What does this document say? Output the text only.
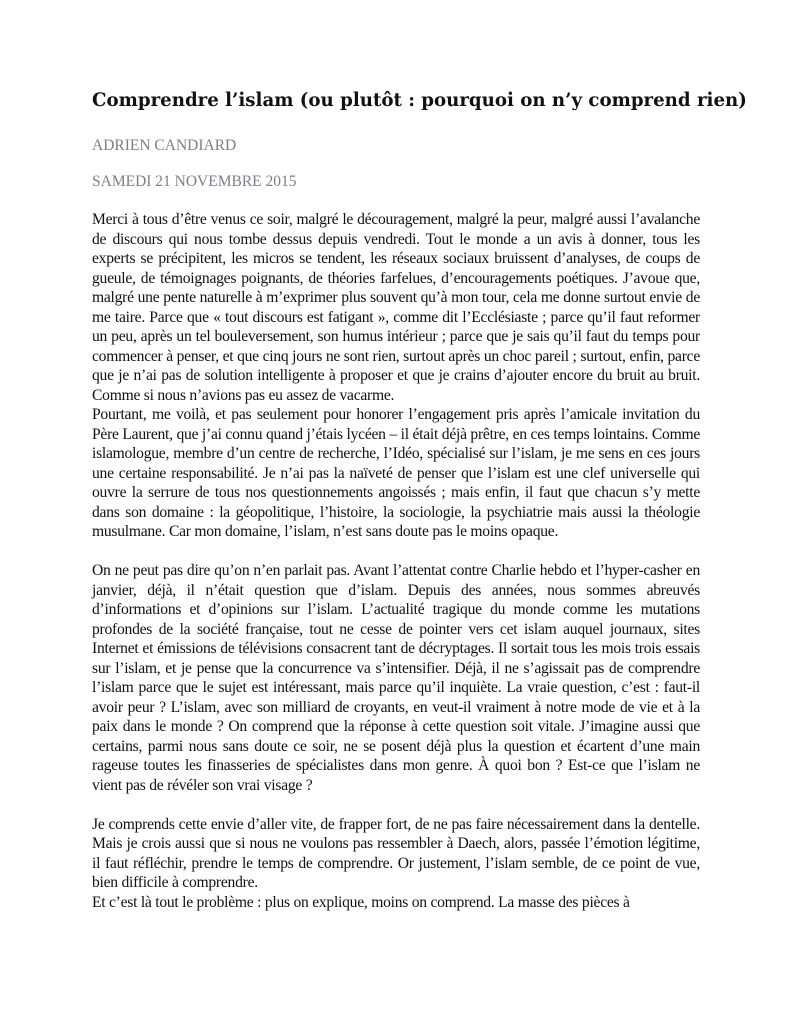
Comprendre l’islam (ou plutôt : pourquoi on n’y comprend rien)

ADRIEN CANDIARD

SAMEDI 21 NOVEMBRE 2015

Merci à tous d’être venus ce soir, malgré le découragement, malgré la peur, malgré aussi l’avalanche de discours qui nous tombe dessus depuis vendredi. Tout le monde a un avis à donner, tous les experts se précipitent, les micros se tendent, les réseaux sociaux bruissent d’analyses, de coups de gueule, de témoignages poignants, de théories farfelues, d’encouragements poétiques. J’avoue que, malgré une pente naturelle à m’exprimer plus souvent qu’à mon tour, cela me donne surtout envie de me taire. Parce que « tout discours est fatigant », comme dit l’Ecclésiaste ; parce qu’il faut reformer un peu, après un tel bouleversement, son humus intérieur ; parce que je sais qu’il faut du temps pour commencer à penser, et que cinq jours ne sont rien, surtout après un choc pareil ; surtout, enfin, parce que je n’ai pas de solution intelligente à proposer et que je crains d’ajouter encore du bruit au bruit. Comme si nous n’avions pas eu assez de vacarme.

Pourtant, me voilà, et pas seulement pour honorer l’engagement pris après l’amicale invitation du Père Laurent, que j’ai connu quand j’étais lycéen – il était déjà prêtre, en ces temps lointains. Comme islamologue, membre d’un centre de recherche, l’Idéo, spécialisé sur l’islam, je me sens en ces jours une certaine responsabilité. Je n’ai pas la naïveté de penser que l’islam est une clef universelle qui ouvre la serrure de tous nos questionnements angoissés ; mais enfin, il faut que chacun s’y mette dans son domaine : la géopolitique, l’histoire, la sociologie, la psychiatrie mais aussi la théologie musulmane. Car mon domaine, l’islam, n’est sans doute pas le moins opaque.

On ne peut pas dire qu’on n’en parlait pas. Avant l’attentat contre Charlie hebdo et l’hyper-casher en janvier, déjà, il n’était question que d’islam. Depuis des années, nous sommes abreuvés d’informations et d’opinions sur l’islam. L’actualité tragique du monde comme les mutations profondes de la société française, tout ne cesse de pointer vers cet islam auquel journaux, sites Internet et émissions de télévisions consacrent tant de décryptages. Il sortait tous les mois trois essais sur l’islam, et je pense que la concurrence va s’intensifier. Déjà, il ne s’agissait pas de comprendre l’islam parce que le sujet est intéressant, mais parce qu’il inquiète. La vraie question, c’est : faut-il avoir peur ? L’islam, avec son milliard de croyants, en veut-il vraiment à notre mode de vie et à la paix dans le monde ? On comprend que la réponse à cette question soit vitale. J’imagine aussi que certains, parmi nous sans doute ce soir, ne se posent déjà plus la question et écartent d’une main rageuse toutes les finasseries de spécialistes dans mon genre. À quoi bon ? Est-ce que l’islam ne vient pas de révéler son vrai visage ?

Je comprends cette envie d’aller vite, de frapper fort, de ne pas faire nécessairement dans la dentelle. Mais je crois aussi que si nous ne voulons pas ressembler à Daech, alors, passée l’émotion légitime, il faut réfléchir, prendre le temps de comprendre. Or justement, l’islam semble, de ce point de vue, bien difficile à comprendre.

Et c’est là tout le problème : plus on explique, moins on comprend. La masse des pièces à
